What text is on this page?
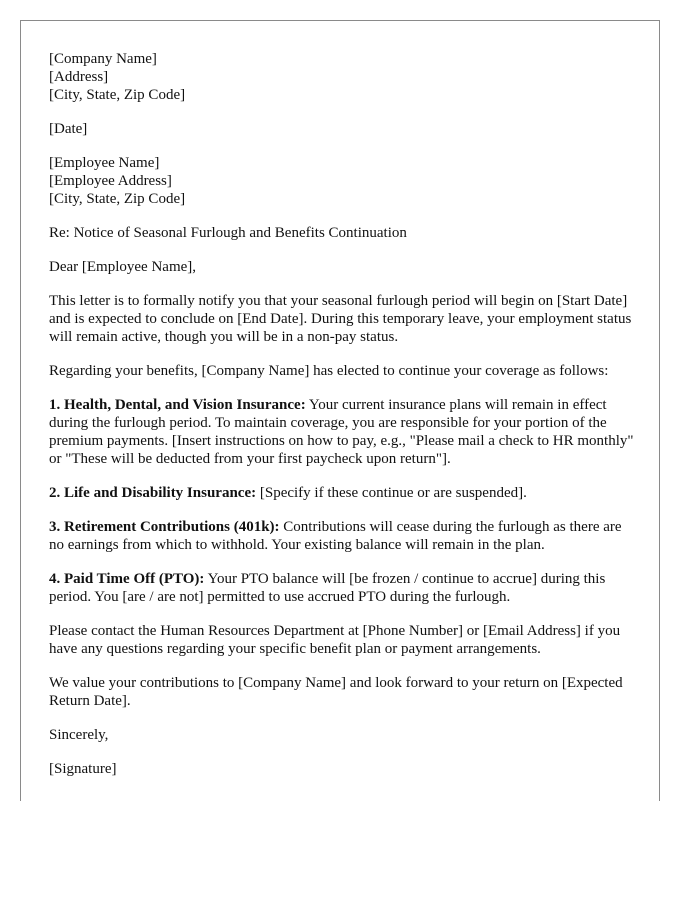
[Company Name]
[Address]
[City, State, Zip Code]

[Date]

[Employee Name]
[Employee Address]
[City, State, Zip Code]

Re: Notice of Seasonal Furlough and Benefits Continuation

Dear [Employee Name],

This letter is to formally notify you that your seasonal furlough period will begin on [Start Date] and is expected to conclude on [End Date]. During this temporary leave, your employment status will remain active, though you will be in a non-pay status.

Regarding your benefits, [Company Name] has elected to continue your coverage as follows:

1. Health, Dental, and Vision Insurance: Your current insurance plans will remain in effect during the furlough period. To maintain coverage, you are responsible for your portion of the premium payments. [Insert instructions on how to pay, e.g., "Please mail a check to HR monthly" or "These will be deducted from your first paycheck upon return"].

2. Life and Disability Insurance: [Specify if these continue or are suspended].

3. Retirement Contributions (401k): Contributions will cease during the furlough as there are no earnings from which to withhold. Your existing balance will remain in the plan.

4. Paid Time Off (PTO): Your PTO balance will [be frozen / continue to accrue] during this period. You [are / are not] permitted to use accrued PTO during the furlough.

Please contact the Human Resources Department at [Phone Number] or [Email Address] if you have any questions regarding your specific benefit plan or payment arrangements.

We value your contributions to [Company Name] and look forward to your return on [Expected Return Date].

Sincerely,

[Signature]
